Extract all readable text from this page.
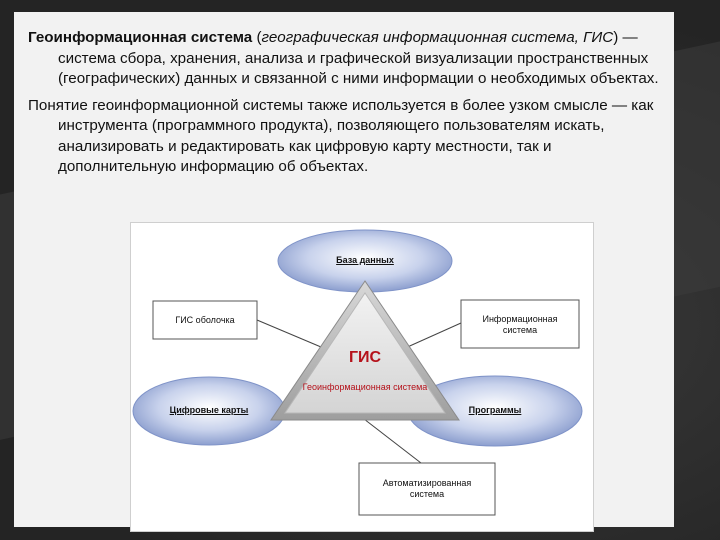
Геоинформационная система (географическая информационная система, ГИС) — система сбора, хранения, анализа и графической визуализации пространственных (географических) данных и связанной с ними информации о необходимых объектах.

Понятие геоинформационной системы также используется в более узком смысле — как инструмента (программного продукта), позволяющего пользователям искать, анализировать и редактировать как цифровую карту местности, так и дополнительную информацию об объектах.

База данных
ГИС оболочка	Информационная система
Цифровые карты	Программы
Автоматизированная система
ГИС
Геоинформационная система
